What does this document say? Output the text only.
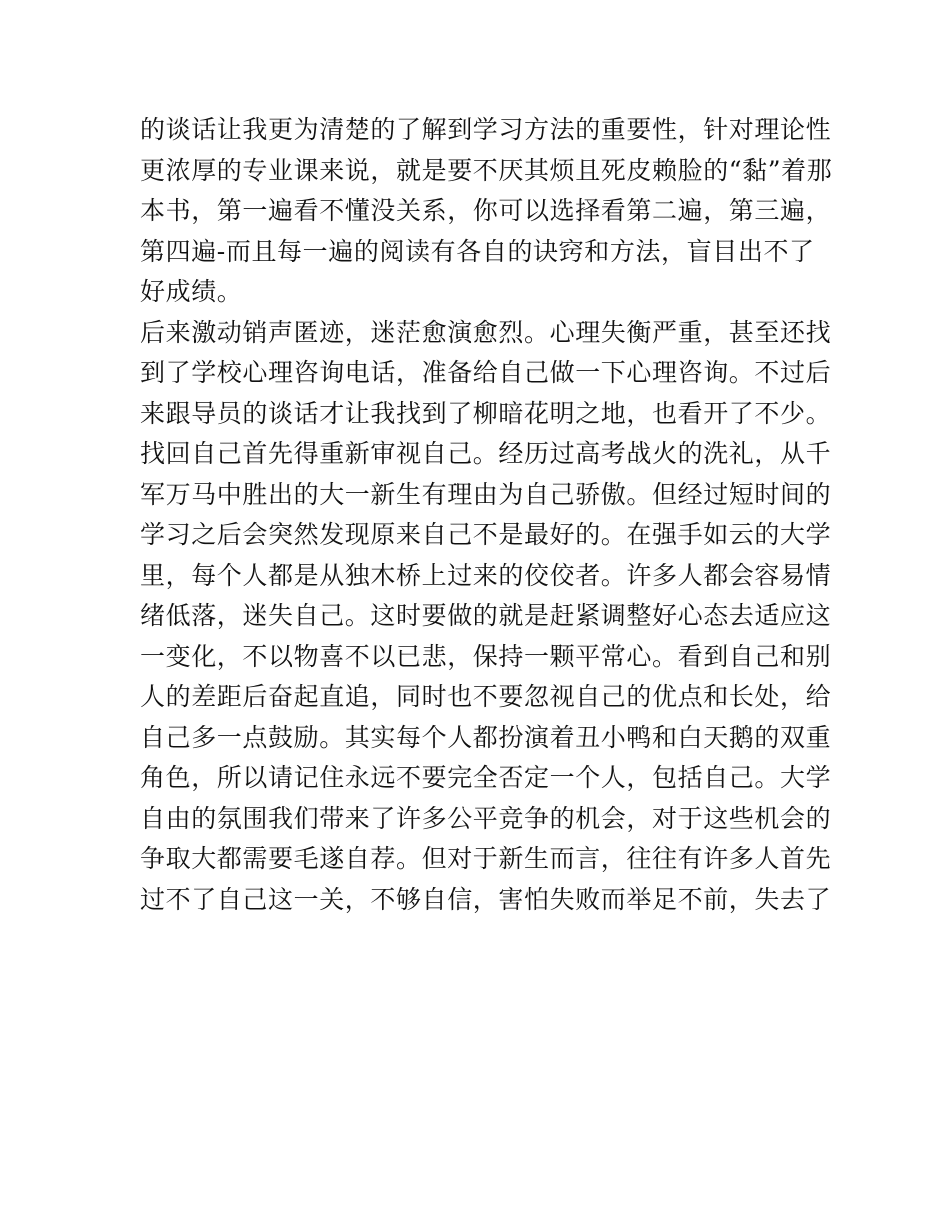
的谈话让我更为清楚的了解到学习方法的重要性，针对理论性
更浓厚的专业课来说，就是要不厌其烦且死皮赖脸的“黏”着那
本书，第一遍看不懂没关系，你可以选择看第二遍，第三遍，
第四遍-而且每一遍的阅读有各自的诀窍和方法，盲目出不了
好成绩。
后来激动销声匿迹，迷茫愈演愈烈。心理失衡严重，甚至还找
到了学校心理咨询电话，准备给自己做一下心理咨询。不过后
来跟导员的谈话才让我找到了柳暗花明之地，也看开了不少。
找回自己首先得重新审视自己。经历过高考战火的洗礼，从千
军万马中胜出的大一新生有理由为自己骄傲。但经过短时间的
学习之后会突然发现原来自己不是最好的。在强手如云的大学
里，每个人都是从独木桥上过来的佼佼者。许多人都会容易情
绪低落，迷失自己。这时要做的就是赶紧调整好心态去适应这
一变化，不以物喜不以已悲，保持一颗平常心。看到自己和别
人的差距后奋起直追，同时也不要忽视自己的优点和长处，给
自己多一点鼓励。其实每个人都扮演着丑小鸭和白天鹅的双重
角色，所以请记住永远不要完全否定一个人，包括自己。大学
自由的氛围我们带来了许多公平竞争的机会，对于这些机会的
争取大都需要毛遂自荐。但对于新生而言，往往有许多人首先
过不了自己这一关，不够自信，害怕失败而举足不前，失去了
